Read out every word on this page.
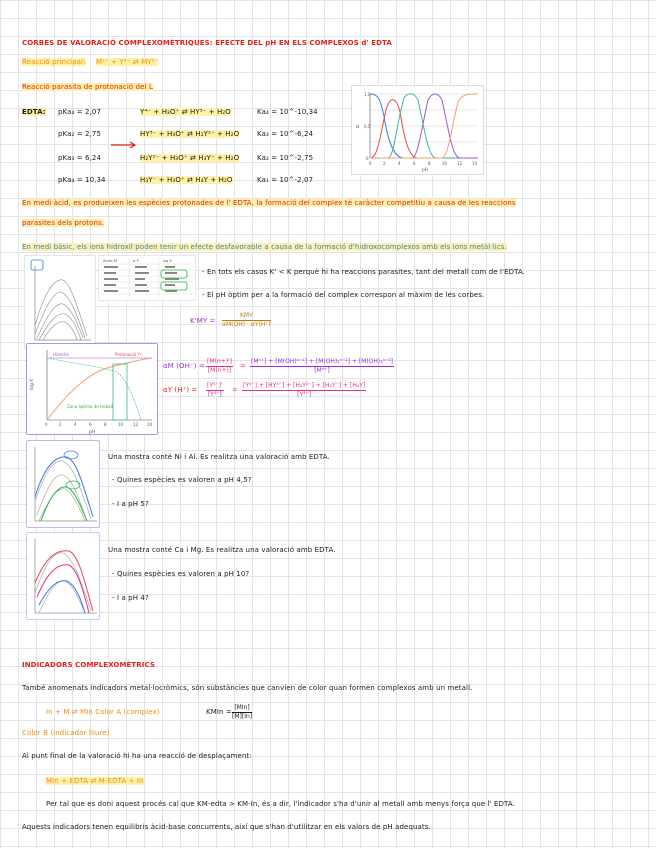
CORBES DE VALORACIÓ COMPLEXOMÈTRIQUES: EFECTE DEL pH EN ELS COMPLEXOS d' EDTA
Reacció principal: M²⁺ + Y⁴⁻ ⇄ MY²⁻
Reacció parasita de protonació del L
EDTA: pKa₄ = 2,07	Y⁴⁻ + H₃O⁺ ⇄ HY³⁻ + H₂O	Ka₄ = 10^-10,34
pKa₂ = 2,75	HY³⁻ + H₃O⁺ ⇄ H₂Y²⁻ + H₂O	Ka₃ = 10^-6,24
pKa₃ = 6,24	H₂Y²⁻ + H₃O⁺ ⇄ H₃Y⁻ + H₂O	Ka₂ = 10^-2,75
pKa₄ = 10,34	H₃Y⁻ + H₃O⁺ ⇄ H₄Y + H₂O	Ka₁ = 10^-2,07
1,0
0,5
0
0	2	4	6	8	10 12 14
pH
α
En medi àcid, es produeixen les espècies protonades de l' EDTA, la formació del complex té caràcter competitiu a causa de les reaccions
parasites dels protons.
En medi bàsic, els ions hidroxil poden tenir un efecte desfavorable a causa de la formació d'hidroxocomplexos amb els ions metàl·lics.
Ácido M	α-Y	log K
- En tots els casos K' < K perquè hi ha reaccions parasites, tant del metall com de l'EDTA.
- El pH òptim per a la formació del complex correspon al màxim de les corbes.
K'MY =
KMY
αM(OH) · αY(H⁺)
0	2	4	6	8	10 12 14
pH
log K'
Hidròlisi	Protonació Y⁴⁻
Zona òptima de treball
αM $(OH^-) = \frac{[M(n+)']}{[M(n+)]} = \frac{\text{[Mⁿ⁺] + [M(OH)ⁿ⁻¹] + [M(OH)₂ⁿ⁻²] + [M(OH)₃ⁿ⁻³]}}{\text{[Mⁿ⁺]}}$
αY $(H^+) = \frac{\text{[Y⁴⁻]'}}{\text{[Y⁴⁻]}} = \frac{\text{[Y⁴⁻] + [HY³⁻] + [H₂Y²⁻] + [H₃Y⁻] + [H₄Y]}}{\text{[Y⁴⁻]}}$
Una mostra conté Ni i Al. Es realitza una valoració amb EDTA.
- Quines espècies es valoren a pH 4,5?
- I a pH 5?
Una mostra conté Ca i Mg. Es realitza una valoració amb EDTA.
- Quines espècies es valoren a pH 10?
- I a pH 4?
INDICADORS COMPLEXOMÈTRICS
També anomenats indicadors metal·locròmics, són substàncies que canvien de color quan formen complexos amb un metall.
In + M ⇄ MIn Color A (complex)	KMIn =
[MIn]
[M][In]
Color B (indicador lliure)
Al punt final de la valoració hi ha una reacció de desplaçament:
MIn + EDTA ⇄ M-EDTA + In
Per tal que es doni aquest procés cal que KM-edta > KM-In, és a dir, l'indicador s'ha d'unir al metall amb menys força que l' EDTA.
Aquests indicadors tenen equilibris àcid-base concurrents, així que s'han d'utilitzar en els valors de pH adequats.
